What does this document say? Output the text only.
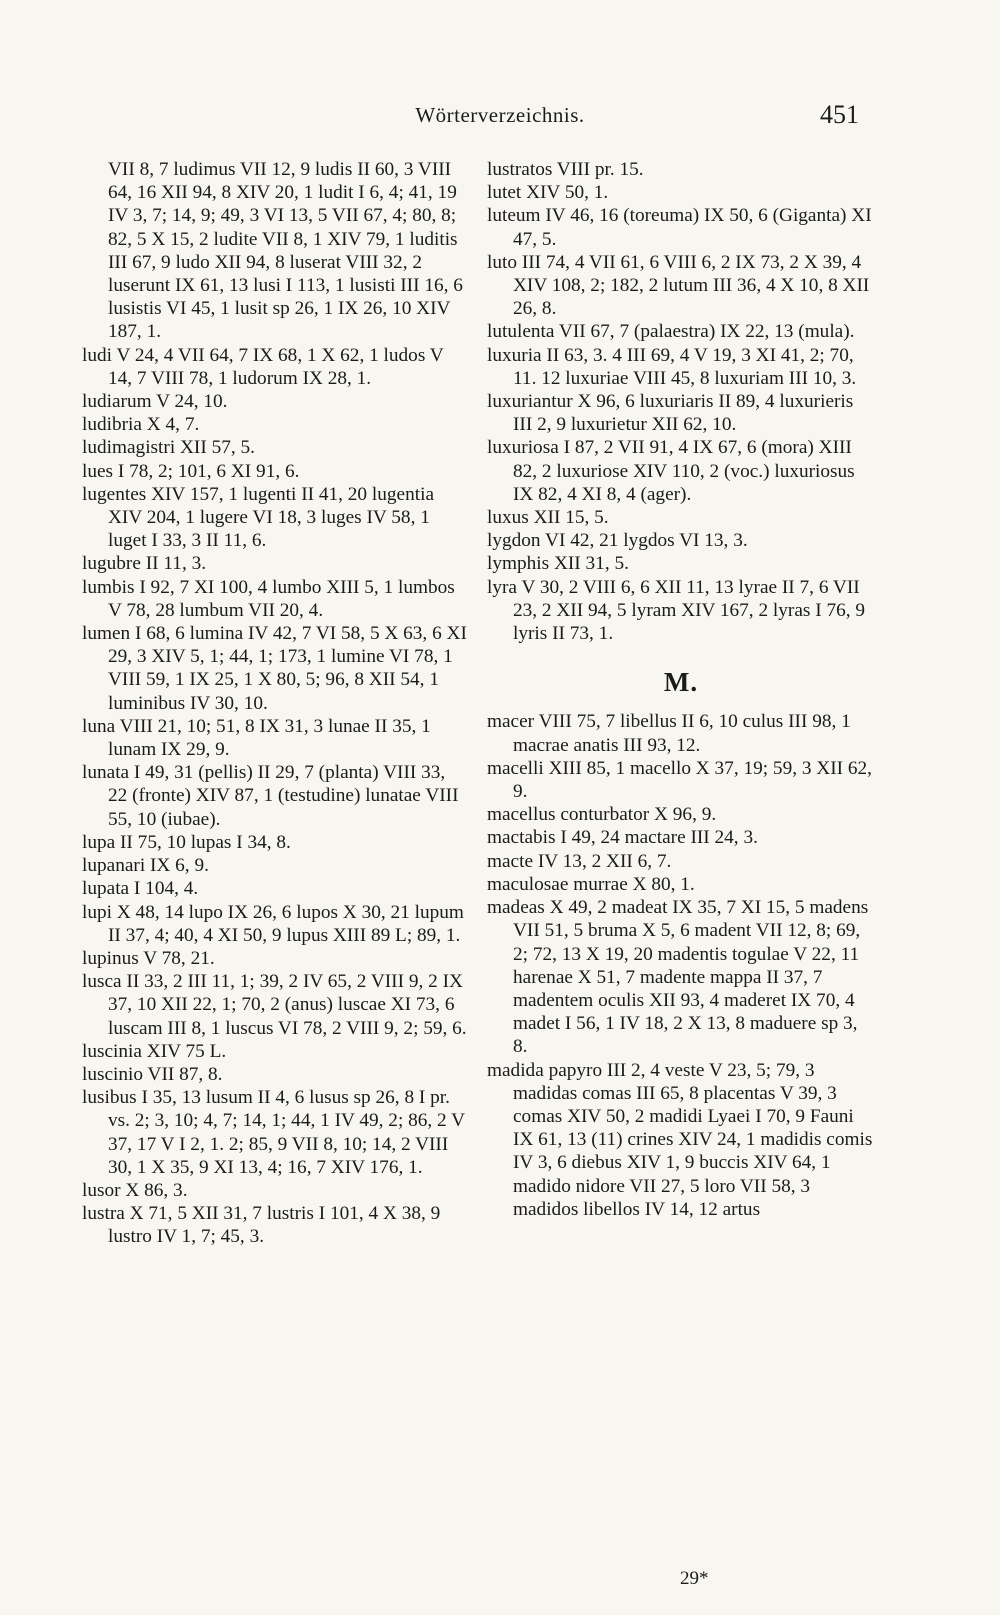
Wörterverzeichnis.	451

VII 8, 7 ludimus VII 12, 9 ludis II 60, 3 VIII 64, 16 XII 94, 8 XIV 20, 1 ludit I 6, 4; 41, 19 IV 3, 7; 14, 9; 49, 3 VI 13, 5 VII 67, 4; 80, 8; 82, 5 X 15, 2 ludite VII 8, 1 XIV 79, 1 luditis III 67, 9 ludo XII 94, 8 luserat VIII 32, 2 luserunt IX 61, 13 lusi I 113, 1 lusisti III 16, 6 lusistis VI 45, 1 lusit sp 26, 1 IX 26, 10 XIV 187, 1.

ludi V 24, 4 VII 64, 7 IX 68, 1 X 62, 1 ludos V 14, 7 VIII 78, 1 ludorum IX 28, 1.

ludiarum V 24, 10.

ludibria X 4, 7.

ludimagistri XII 57, 5.

lues I 78, 2; 101, 6 XI 91, 6.

lugentes XIV 157, 1 lugenti II 41, 20 lugentia XIV 204, 1 lugere VI 18, 3 luges IV 58, 1 luget I 33, 3 II 11, 6.

lugubre II 11, 3.

lumbis I 92, 7 XI 100, 4 lumbo XIII 5, 1 lumbos V 78, 28 lumbum VII 20, 4.

lumen I 68, 6 lumina IV 42, 7 VI 58, 5 X 63, 6 XI 29, 3 XIV 5, 1; 44, 1; 173, 1 lumine VI 78, 1 VIII 59, 1 IX 25, 1 X 80, 5; 96, 8 XII 54, 1 luminibus IV 30, 10.

luna VIII 21, 10; 51, 8 IX 31, 3 lunae II 35, 1 lunam IX 29, 9.

lunata I 49, 31 (pellis) II 29, 7 (planta) VIII 33, 22 (fronte) XIV 87, 1 (testudine) lunatae VIII 55, 10 (iubae).

lupa II 75, 10 lupas I 34, 8.

lupanari IX 6, 9.

lupata I 104, 4.

lupi X 48, 14 lupo IX 26, 6 lupos X 30, 21 lupum II 37, 4; 40, 4 XI 50, 9 lupus XIII 89 L; 89, 1.

lupinus V 78, 21.

lusca II 33, 2 III 11, 1; 39, 2 IV 65, 2 VIII 9, 2 IX 37, 10 XII 22, 1; 70, 2 (anus) luscae XI 73, 6 luscam III 8, 1 luscus VI 78, 2 VIII 9, 2; 59, 6.

luscinia XIV 75 L.

luscinio VII 87, 8.

lusibus I 35, 13 lusum II 4, 6 lusus sp 26, 8 I pr. vs. 2; 3, 10; 4, 7; 14, 1; 44, 1 IV 49, 2; 86, 2 V 37, 17 V I 2, 1. 2; 85, 9 VII 8, 10; 14, 2 VIII 30, 1 X 35, 9 XI 13, 4; 16, 7 XIV 176, 1.

lusor X 86, 3.

lustra X 71, 5 XII 31, 7 lustris I 101, 4 X 38, 9 lustro IV 1, 7; 45, 3.

lustratos VIII pr. 15.

lutet XIV 50, 1.

luteum IV 46, 16 (toreuma) IX 50, 6 (Giganta) XI 47, 5.

luto III 74, 4 VII 61, 6 VIII 6, 2 IX 73, 2 X 39, 4 XIV 108, 2; 182, 2 lutum III 36, 4 X 10, 8 XII 26, 8.

lutulenta VII 67, 7 (palaestra) IX 22, 13 (mula).

luxuria II 63, 3. 4 III 69, 4 V 19, 3 XI 41, 2; 70, 11. 12 luxuriae VIII 45, 8 luxuriam III 10, 3.

luxuriantur X 96, 6 luxuriaris II 89, 4 luxurieris III 2, 9 luxurietur XII 62, 10.

luxuriosa I 87, 2 VII 91, 4 IX 67, 6 (mora) XIII 82, 2 luxuriose XIV 110, 2 (voc.) luxuriosus IX 82, 4 XI 8, 4 (ager).

luxus XII 15, 5.

lygdon VI 42, 21 lygdos VI 13, 3.

lymphis XII 31, 5.

lyra V 30, 2 VIII 6, 6 XII 11, 13 lyrae II 7, 6 VII 23, 2 XII 94, 5 lyram XIV 167, 2 lyras I 76, 9 lyris II 73, 1.

M.

macer VIII 75, 7 libellus II 6, 10 culus III 98, 1 macrae anatis III 93, 12.

macelli XIII 85, 1 macello X 37, 19; 59, 3 XII 62, 9.

macellus conturbator X 96, 9.

mactabis I 49, 24 mactare III 24, 3.

macte IV 13, 2 XII 6, 7.

maculosae murrae X 80, 1.

madeas X 49, 2 madeat IX 35, 7 XI 15, 5 madens VII 51, 5 bruma X 5, 6 madent VII 12, 8; 69, 2; 72, 13 X 19, 20 madentis togulae V 22, 11 harenae X 51, 7 madente mappa II 37, 7 madentem oculis XII 93, 4 maderet IX 70, 4 madet I 56, 1 IV 18, 2 X 13, 8 maduere sp 3, 8.

madida papyro III 2, 4 veste V 23, 5; 79, 3 madidas comas III 65, 8 placentas V 39, 3 comas XIV 50, 2 madidi Lyaei I 70, 9 Fauni IX 61, 13 (11) crines XIV 24, 1 madidis comis IV 3, 6 diebus XIV 1, 9 buccis XIV 64, 1 madido nidore VII 27, 5 loro VII 58, 3 madidos libellos IV 14, 12 artus

29*
